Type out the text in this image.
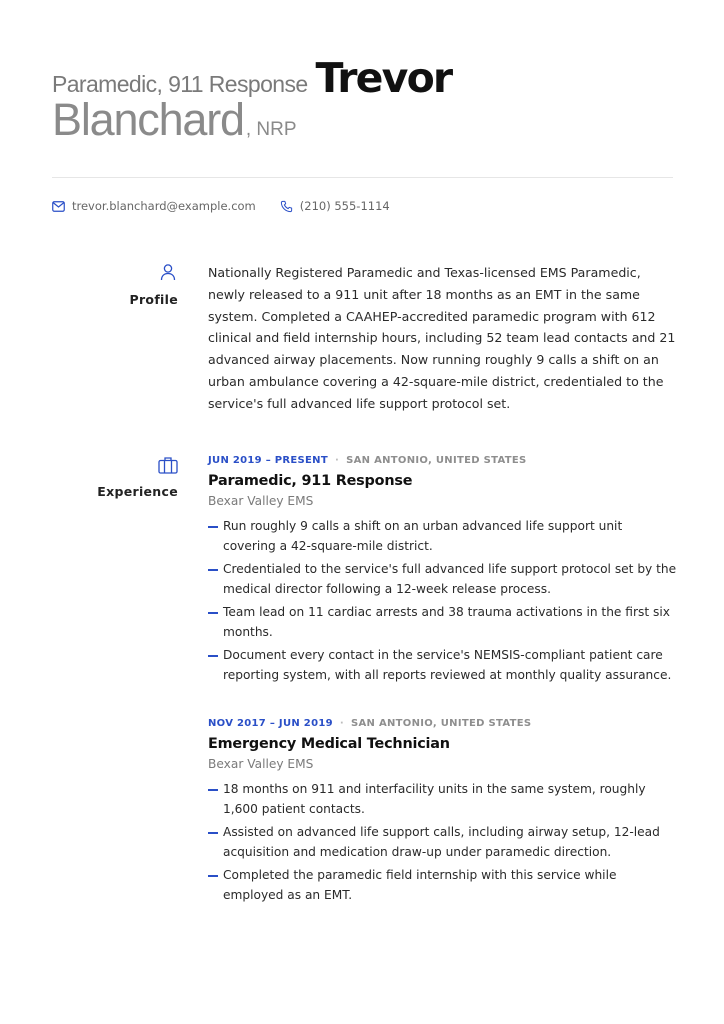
Paramedic, 911 Response Trevor
Blanchard , NRP
trevor.blanchard@example.com	(210) 555-1114
Profile

Nationally Registered Paramedic and Texas-licensed EMS Paramedic, newly released to a 911 unit after 18 months as an EMT in the same system. Completed a CAAHEP-accredited paramedic program with 612 clinical and field internship hours, including 52 team lead contacts and 21 advanced airway placements. Now running roughly 9 calls a shift on an urban ambulance covering a 42-square-mile district, credentialed to the service's full advanced life support protocol set.

Experience
JUN 2019 – PRESENT · SAN ANTONIO, UNITED STATES
Paramedic, 911 Response
Bexar Valley EMS
Run roughly 9 calls a shift on an urban advanced life support unit covering a 42-square-mile district.
Credentialed to the service's full advanced life support protocol set by the medical director following a 12-week release process.
Team lead on 11 cardiac arrests and 38 trauma activations in the first six months.
Document every contact in the service's NEMSIS-compliant patient care reporting system, with all reports reviewed at monthly quality assurance.
NOV 2017 – JUN 2019 · SAN ANTONIO, UNITED STATES
Emergency Medical Technician
Bexar Valley EMS
18 months on 911 and interfacility units in the same system, roughly 1,600 patient contacts.
Assisted on advanced life support calls, including airway setup, 12-lead acquisition and medication draw-up under paramedic direction.
Completed the paramedic field internship with this service while employed as an EMT.
